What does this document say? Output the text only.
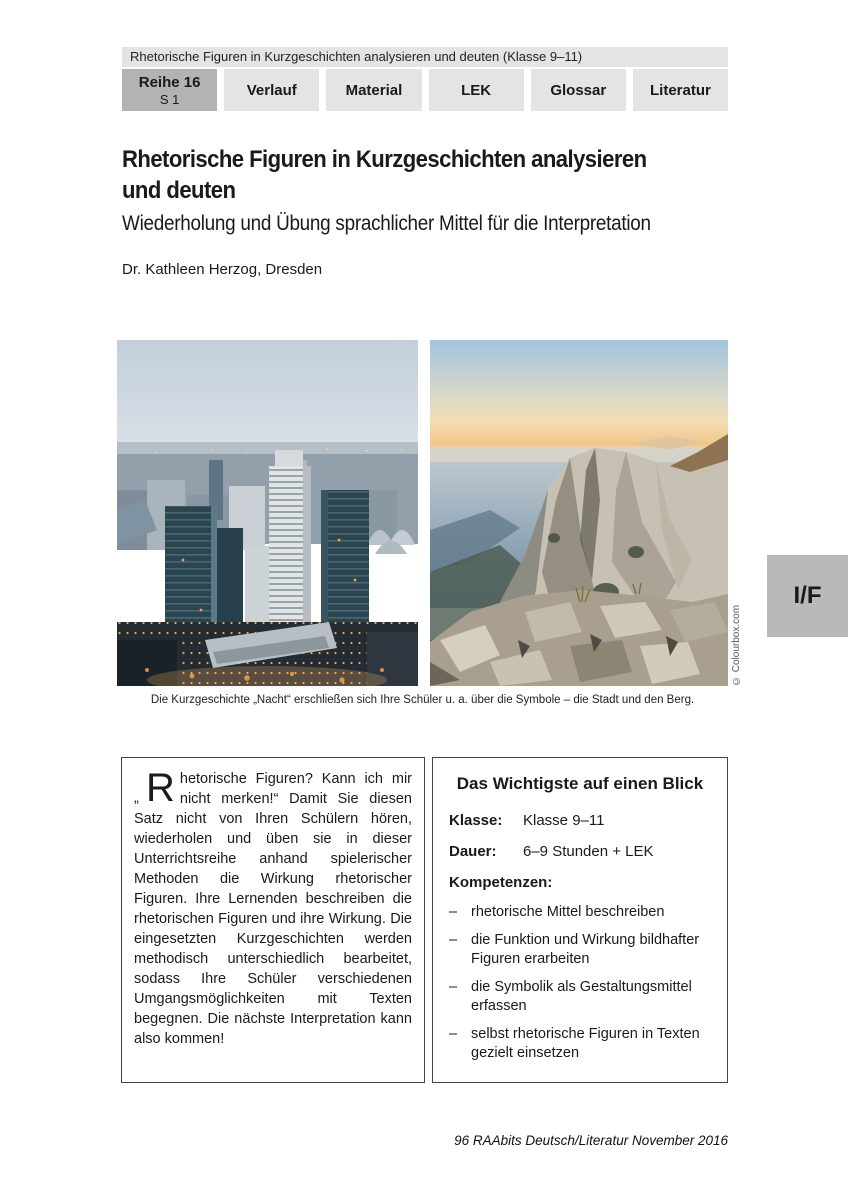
Rhetorische Figuren in Kurzgeschichten analysieren und deuten (Klasse 9–11)
Reihe 16
S 1
Verlauf	Material	LEK	Glossar	Literatur
Rhetorische Figuren in Kurzgeschichten analysieren
und deuten
Wiederholung und Übung sprachlicher Mittel für die Interpretation
Dr. Kathleen Herzog, Dresden
© Colourbox.com
Die Kurzgeschichte „Nacht“ erschließen sich Ihre Schüler u. a. über die Symbole – die Stadt und den Berg.
I/F
„ R hetorische Figuren? Kann ich mir nicht merken!“ Damit Sie diesen Satz nicht von Ihren Schülern hören, wiederholen und üben sie in dieser Unterrichtsreihe anhand spielerischer Methoden die Wirkung rhetorischer Figuren. Ihre Lernenden beschreiben die rhetorischen Figuren und ihre Wirkung. Die eingesetzten Kurzgeschichten werden methodisch unterschiedlich bearbeitet, sodass Ihre Schüler verschiedenen Umgangsmöglichkeiten mit Texten begegnen. Die nächste Interpretation kann also kommen!
Das Wichtigste auf einen Blick
Klasse:	Klasse 9–11
Dauer:	6–9 Stunden + LEK
Kompetenzen:
– rhetorische Mittel beschreiben
– die Funktion und Wirkung bildhafter Figuren erarbeiten
– die Symbolik als Gestaltungsmittel erfassen
– selbst rhetorische Figuren in Texten gezielt einsetzen
96 RAAbits Deutsch/Literatur November 2016
